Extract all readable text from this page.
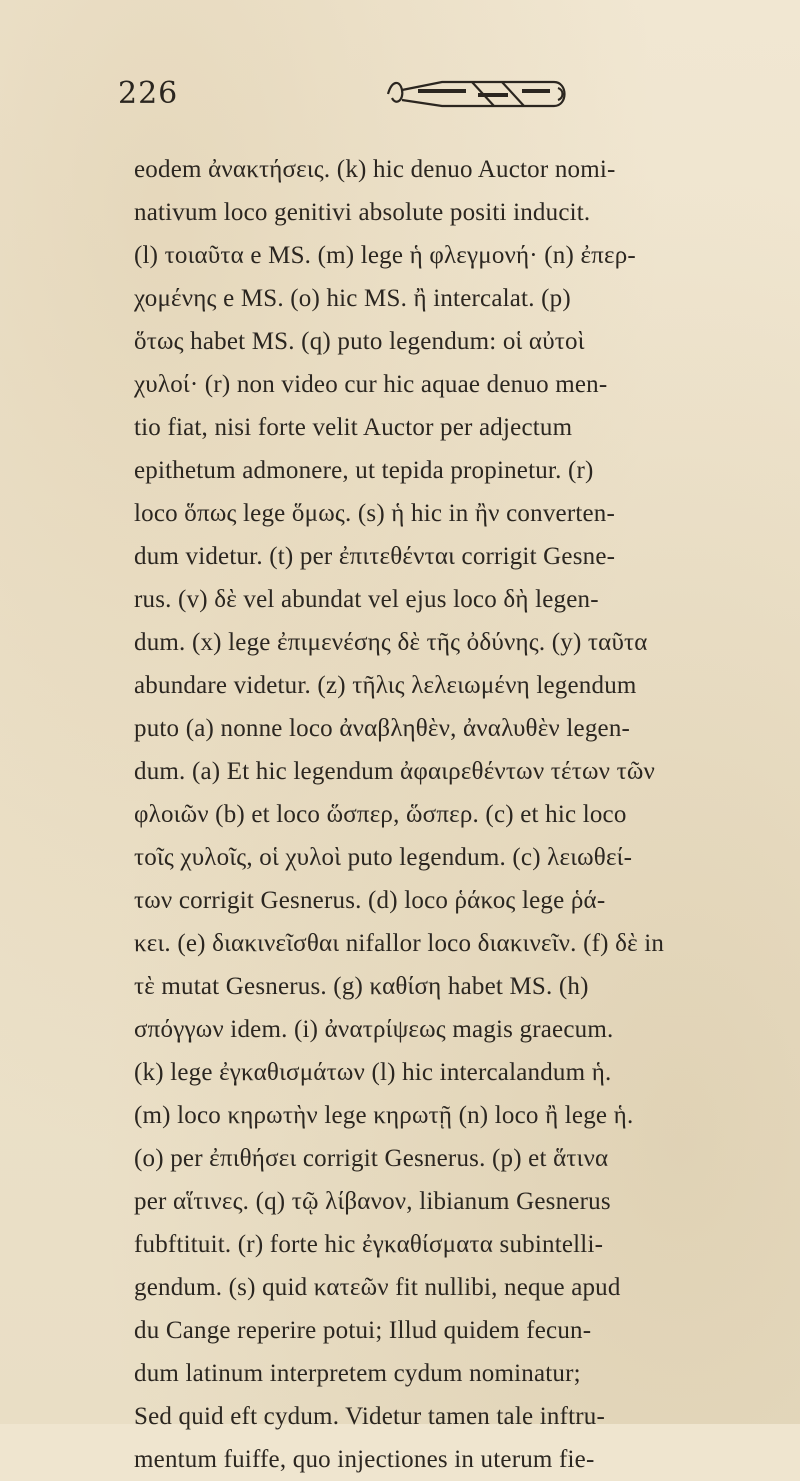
226
eodem ἀνακτήσεις. (k) hic denuo Auctor nomi-
nativum loco genitivi absolute positi inducit.
(l) τοιαῦτα e MS. (m) lege ἡ φλεγμονή· (n) ἐπερ-
χομένης e MS. (o) hic MS. ἢ intercalat. (p)
ὅτως habet MS. (q) puto legendum: οἱ αὐτοὶ
χυλοί· (r) non video cur hic aquae denuo men-
tio fiat, nisi forte velit Auctor per adjectum
epithetum admonere, ut tepida propinetur. (r)
loco ὅπως lege ὅμως. (s) ἡ hic in ἢν converten-
dum videtur. (t) per ἐπιτεθένται corrigit Gesne-
rus. (v) δὲ vel abundat vel ejus loco δὴ legen-
dum. (x) lege ἐπιμενέσης δὲ τῆς ὀδύνης. (y) ταῦτα
abundare videtur. (z) τῆλις λελειωμένη legendum
puto (a) nonne loco ἀναβληθὲν, ἀναλυθὲν legen-
dum. (a) Et hic legendum ἀφαιρεθέντων τέτων τῶν
φλοιῶν (b) et loco ὥσπερ, ὥσπερ. (c) et hic loco
τοῖς χυλοῖς, οἱ χυλοὶ puto legendum. (c) λειωθεί-
των corrigit Gesnerus. (d) loco ῥάκος lege ῥά-
κει. (e) διακινεῖσθαι nifallor loco διακινεῖν. (f) δὲ in
τὲ mutat Gesnerus. (g) καθίση habet MS. (h)
σπόγγων idem. (i) ἀνατρίψεως magis graecum.
(k) lege ἐγκαθισμάτων (l) hic intercalandum ἡ.
(m) loco κηρωτὴν lege κηρωτῇ (n) loco ἢ lege ἡ.
(o) per ἐπιθήσει corrigit Gesnerus. (p) et ἅτινα
per αἵτινες. (q) τῷ λίβανον, libianum Gesnerus
fubftituit. (r) forte hic ἐγκαθίσματα subintelli-
gendum. (s) quid κατεῶν fit nullibi, neque apud
du Cange reperire potui; Illud quidem fecun-
dum latinum interpretem cydum nominatur;
Sed quid eft cydum. Videtur tamen tale inftru-
mentum fuiffe, quo injectiones in uterum fie-
